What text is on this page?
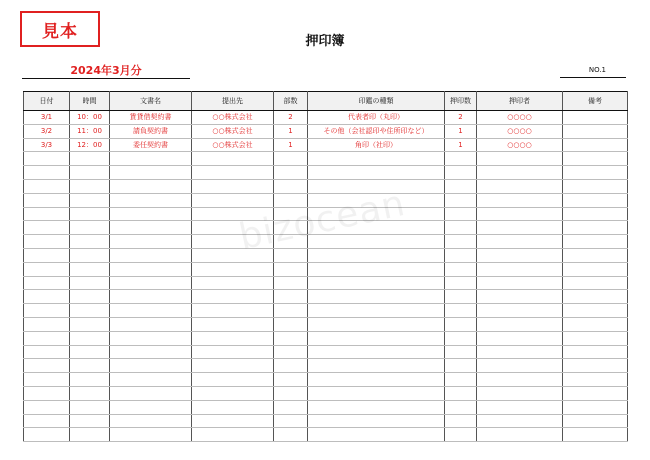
見本	押印簿
2024年3月分	NO.1
日付	時間	文書名	提出先	部数	印鑑の種類	押印数	押印者	備考
3/1	10：00	賃貸借契約書	○○株式会社	2	代表者印（丸印）	2	○○○○	
3/2	11：00	請負契約書	○○株式会社	1	その他（会社認印や住所印など）	1	○○○○	
3/3	12：00	委任契約書	○○株式会社	1	角印（社印）	1	○○○○	

bizocean
